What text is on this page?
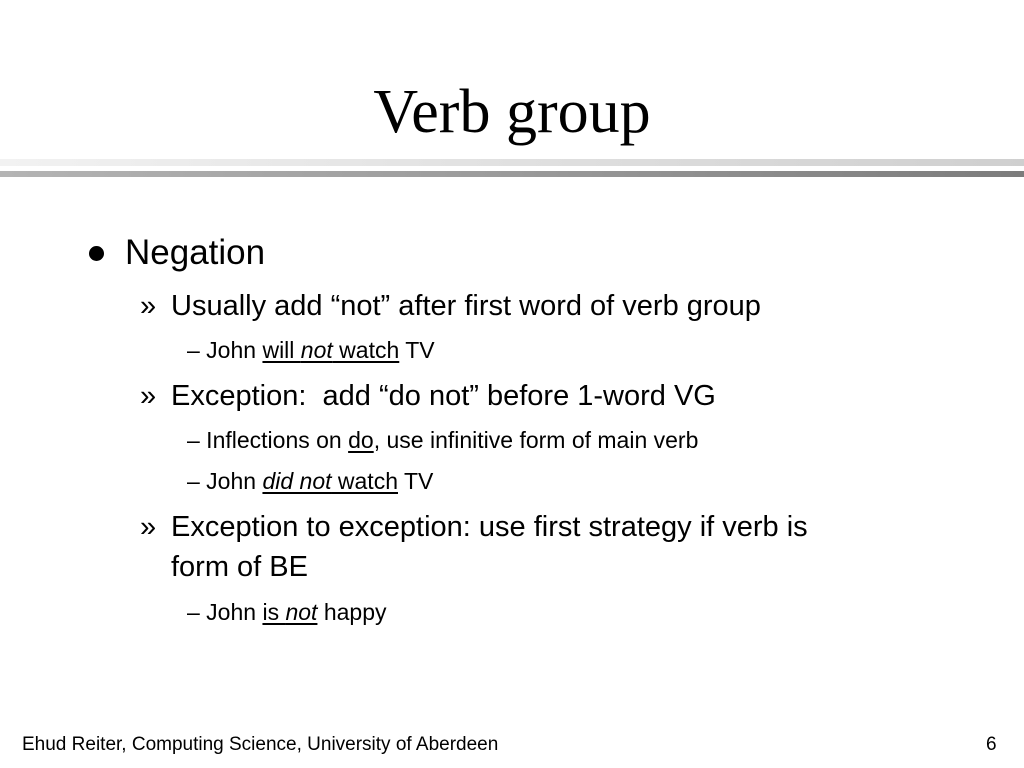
Verb group
Negation
» Usually add “not” after first word of verb group
– John will not watch TV
» Exception:  add “do not” before 1-word VG
– Inflections on do, use infinitive form of main verb
– John did not watch TV
» Exception to exception: use first strategy if verb is
form of BE
– John is not happy
Ehud Reiter, Computing Science, University of Aberdeen	6
